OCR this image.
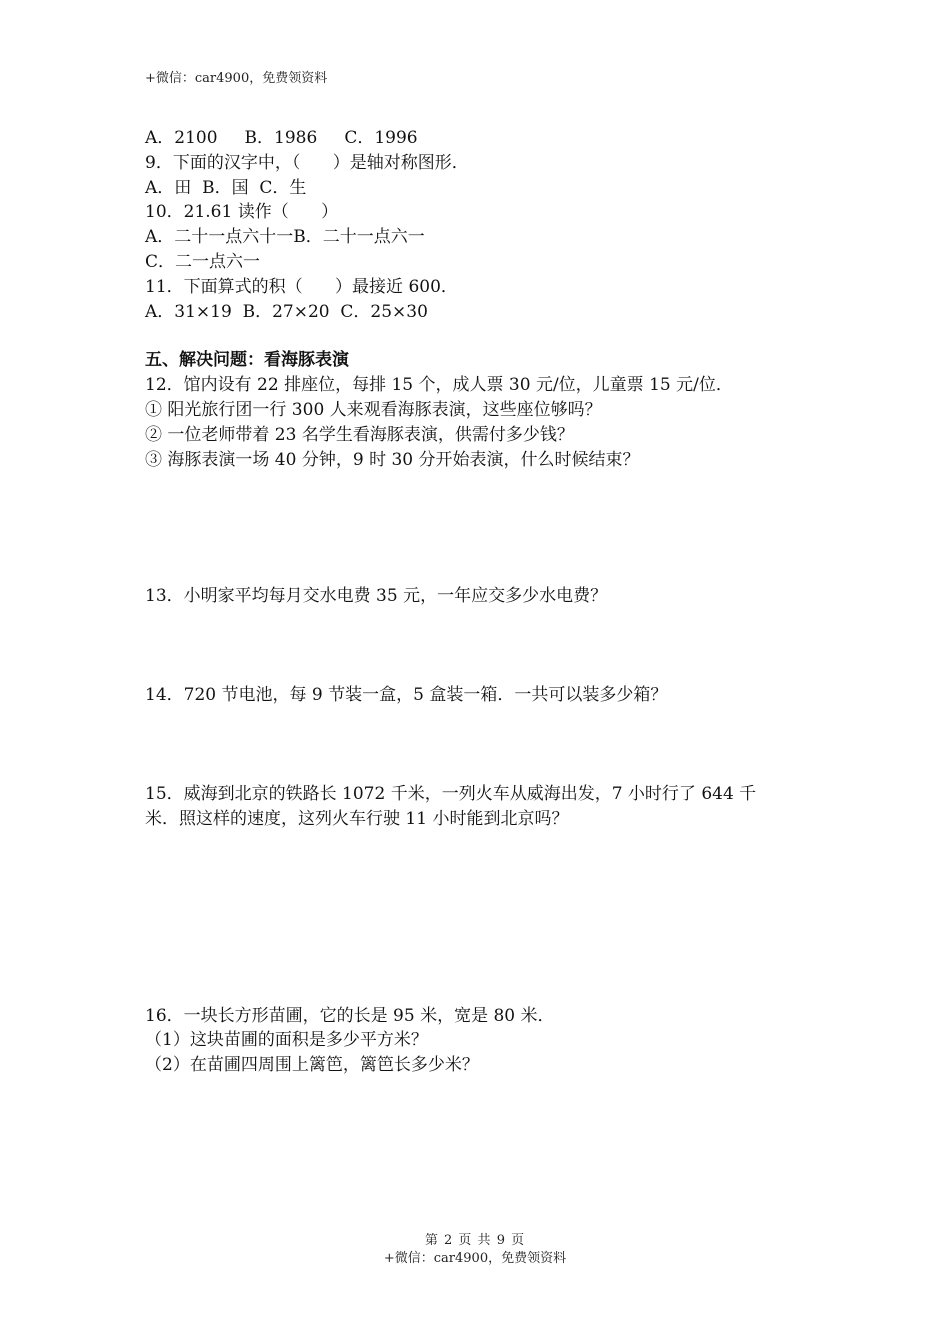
+微信：car4900，免费领资料
A．2100     B．1986     C．1996
9．下面的汉字中，（      ）是轴对称图形．
A．田  B．国  C．生
10．21.61 读作（      ）
A．二十一点六十一B．二十一点六一
C．二一点六一
11．下面算式的积（      ）最接近 600．
A．31×19  B．27×20  C．25×30
五、解决问题：看海豚表演
12．馆内设有 22 排座位，每排 15 个，成人票 30 元/位，儿童票 15 元/位．
① 阳光旅行团一行 300 人来观看海豚表演，这些座位够吗？
② 一位老师带着 23 名学生看海豚表演，供需付多少钱？
③ 海豚表演一场 40 分钟，9 时 30 分开始表演，什么时候结束？
13．小明家平均每月交水电费 35 元，一年应交多少水电费？
14．720 节电池，每 9 节装一盒，5 盒装一箱．一共可以装多少箱？
15．威海到北京的铁路长 1072 千米，一列火车从威海出发，7 小时行了 644 千
米．照这样的速度，这列火车行驶 11 小时能到北京吗？
16．一块长方形苗圃，它的长是 95 米，宽是 80 米．
（1）这块苗圃的面积是多少平方米？
（2）在苗圃四周围上篱笆，篱笆长多少米？
第 2 页 共 9 页
+微信：car4900，免费领资料
